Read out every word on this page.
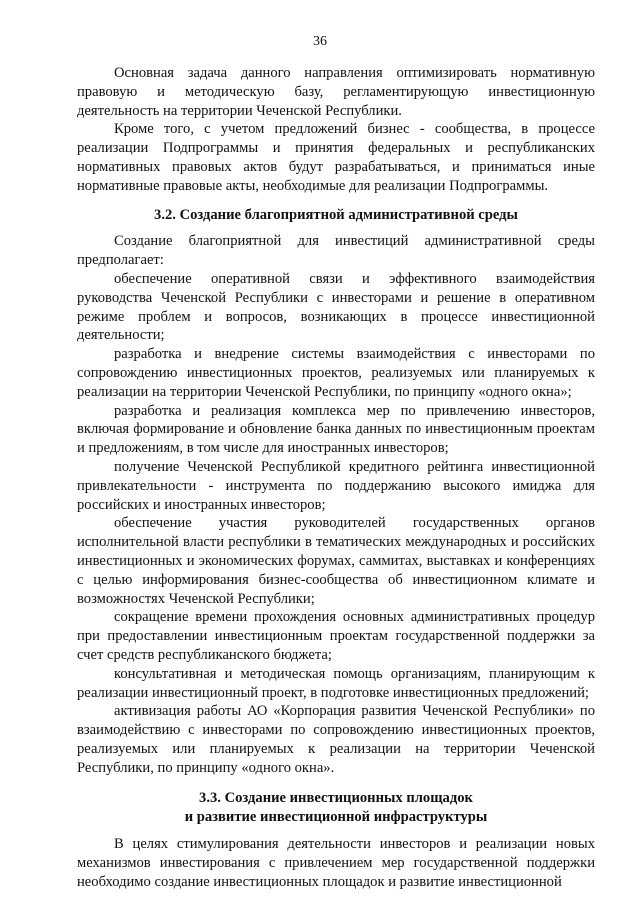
36

Основная задача данного направления оптимизировать нормативную правовую и методическую базу, регламентирующую инвестиционную деятельность на территории Чеченской Республики.

Кроме того, с учетом предложений бизнес - сообщества, в процессе реализации Подпрограммы и принятия федеральных и республиканских нормативных правовых актов будут разрабатываться, и приниматься иные нормативные правовые акты, необходимые для реализации Подпрограммы.

3.2. Создание благоприятной административной среды

Создание благоприятной для инвестиций административной среды предполагает:

обеспечение оперативной связи и эффективного взаимодействия руководства Чеченской Республики с инвесторами и решение в оперативном режиме проблем и вопросов, возникающих в процессе инвестиционной деятельности;

разработка и внедрение системы взаимодействия с инвесторами по сопровождению инвестиционных проектов, реализуемых или планируемых к реализации на территории Чеченской Республики, по принципу «одного окна»;

разработка и реализация комплекса мер по привлечению инвесторов, включая формирование и обновление банка данных по инвестиционным проектам и предложениям, в том числе для иностранных инвесторов;

получение Чеченской Республикой кредитного рейтинга инвестиционной привлекательности - инструмента по поддержанию высокого имиджа для российских и иностранных инвесторов;

обеспечение участия руководителей государственных органов исполнительной власти республики в тематических международных и российских инвестиционных и экономических форумах, саммитах, выставках и конференциях с целью информирования бизнес-сообщества об инвестиционном климате и возможностях Чеченской Республики;

сокращение времени прохождения основных административных процедур при предоставлении инвестиционным проектам государственной поддержки за счет средств республиканского бюджета;

консультативная и методическая помощь организациям, планирующим к реализации инвестиционный проект, в подготовке инвестиционных предложений;

активизация работы АО «Корпорация развития Чеченской Республики» по взаимодействию с инвесторами по сопровождению инвестиционных проектов, реализуемых или планируемых к реализации на территории Чеченской Республики, по принципу «одного окна».

3.3. Создание инвестиционных площадок
и развитие инвестиционной инфраструктуры

В целях стимулирования деятельности инвесторов и реализации новых механизмов инвестирования с привлечением мер государственной поддержки необходимо создание инвестиционных площадок и развитие инвестиционной
